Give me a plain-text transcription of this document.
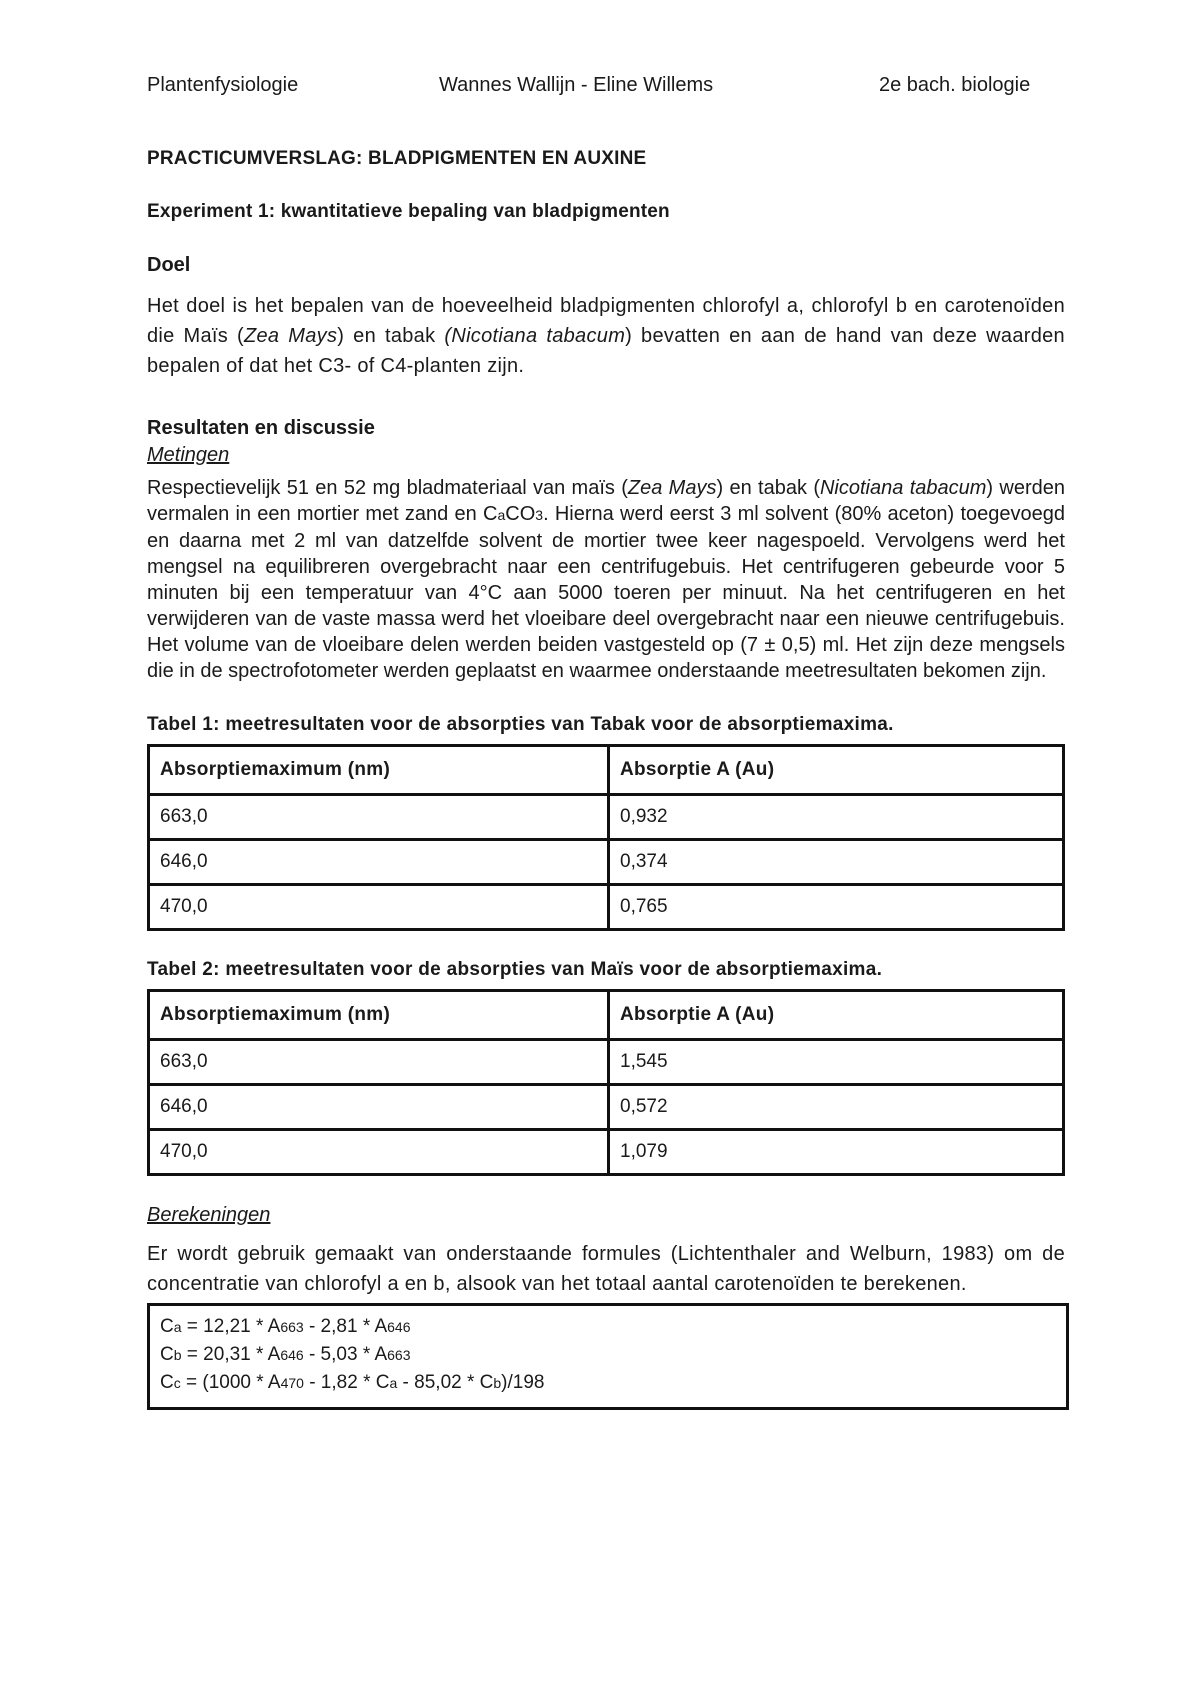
Plantenfysiologie	Wannes Wallijn - Eline Willems	2e bach. biologie

PRACTICUMVERSLAG: BLADPIGMENTEN EN AUXINE

Experiment 1: kwantitatieve bepaling van bladpigmenten

Doel

Het doel is het bepalen van de hoeveelheid bladpigmenten chlorofyl a, chlorofyl b en carotenoïden die Maïs (Zea Mays) en tabak (Nicotiana tabacum) bevatten en aan de hand van deze waarden bepalen of dat het C3- of C4-planten zijn.

Resultaten en discussie

Metingen

Respectievelijk 51 en 52 mg bladmateriaal van maïs (Zea Mays) en tabak (Nicotiana tabacum) werden vermalen in een mortier met zand en CaCO3. Hierna werd eerst 3 ml solvent (80% aceton) toegevoegd en daarna met 2 ml van datzelfde solvent de mortier twee keer nagespoeld. Vervolgens werd het mengsel na equilibreren overgebracht naar een centrifugebuis. Het centrifugeren gebeurde voor 5 minuten bij een temperatuur van 4°C aan 5000 toeren per minuut. Na het centrifugeren en het verwijderen van de vaste massa werd het vloeibare deel overgebracht naar een nieuwe centrifugebuis. Het volume van de vloeibare delen werden beiden vastgesteld op (7 ± 0,5) ml. Het zijn deze mengsels die in de spectrofotometer werden geplaatst en waarmee onderstaande meetresultaten bekomen zijn.

Tabel 1: meetresultaten voor de absorpties van Tabak voor de absorptiemaxima.

Absorptiemaximum (nm)	Absorptie A (Au)
663,0	0,932
646,0	0,374
470,0	0,765

Tabel 2: meetresultaten voor de absorpties van Maïs voor de absorptiemaxima.

Absorptiemaximum (nm)	Absorptie A (Au)
663,0	1,545
646,0	0,572
470,0	1,079

Berekeningen

Er wordt gebruik gemaakt van onderstaande formules (Lichtenthaler and Welburn, 1983) om de concentratie van chlorofyl a en b, alsook van het totaal aantal carotenoïden te berekenen.

Ca = 12,21 * A663 - 2,81 * A646
Cb = 20,31 * A646 - 5,03 * A663
Cc = (1000 * A470 - 1,82 * Ca - 85,02 * Cb)/198
